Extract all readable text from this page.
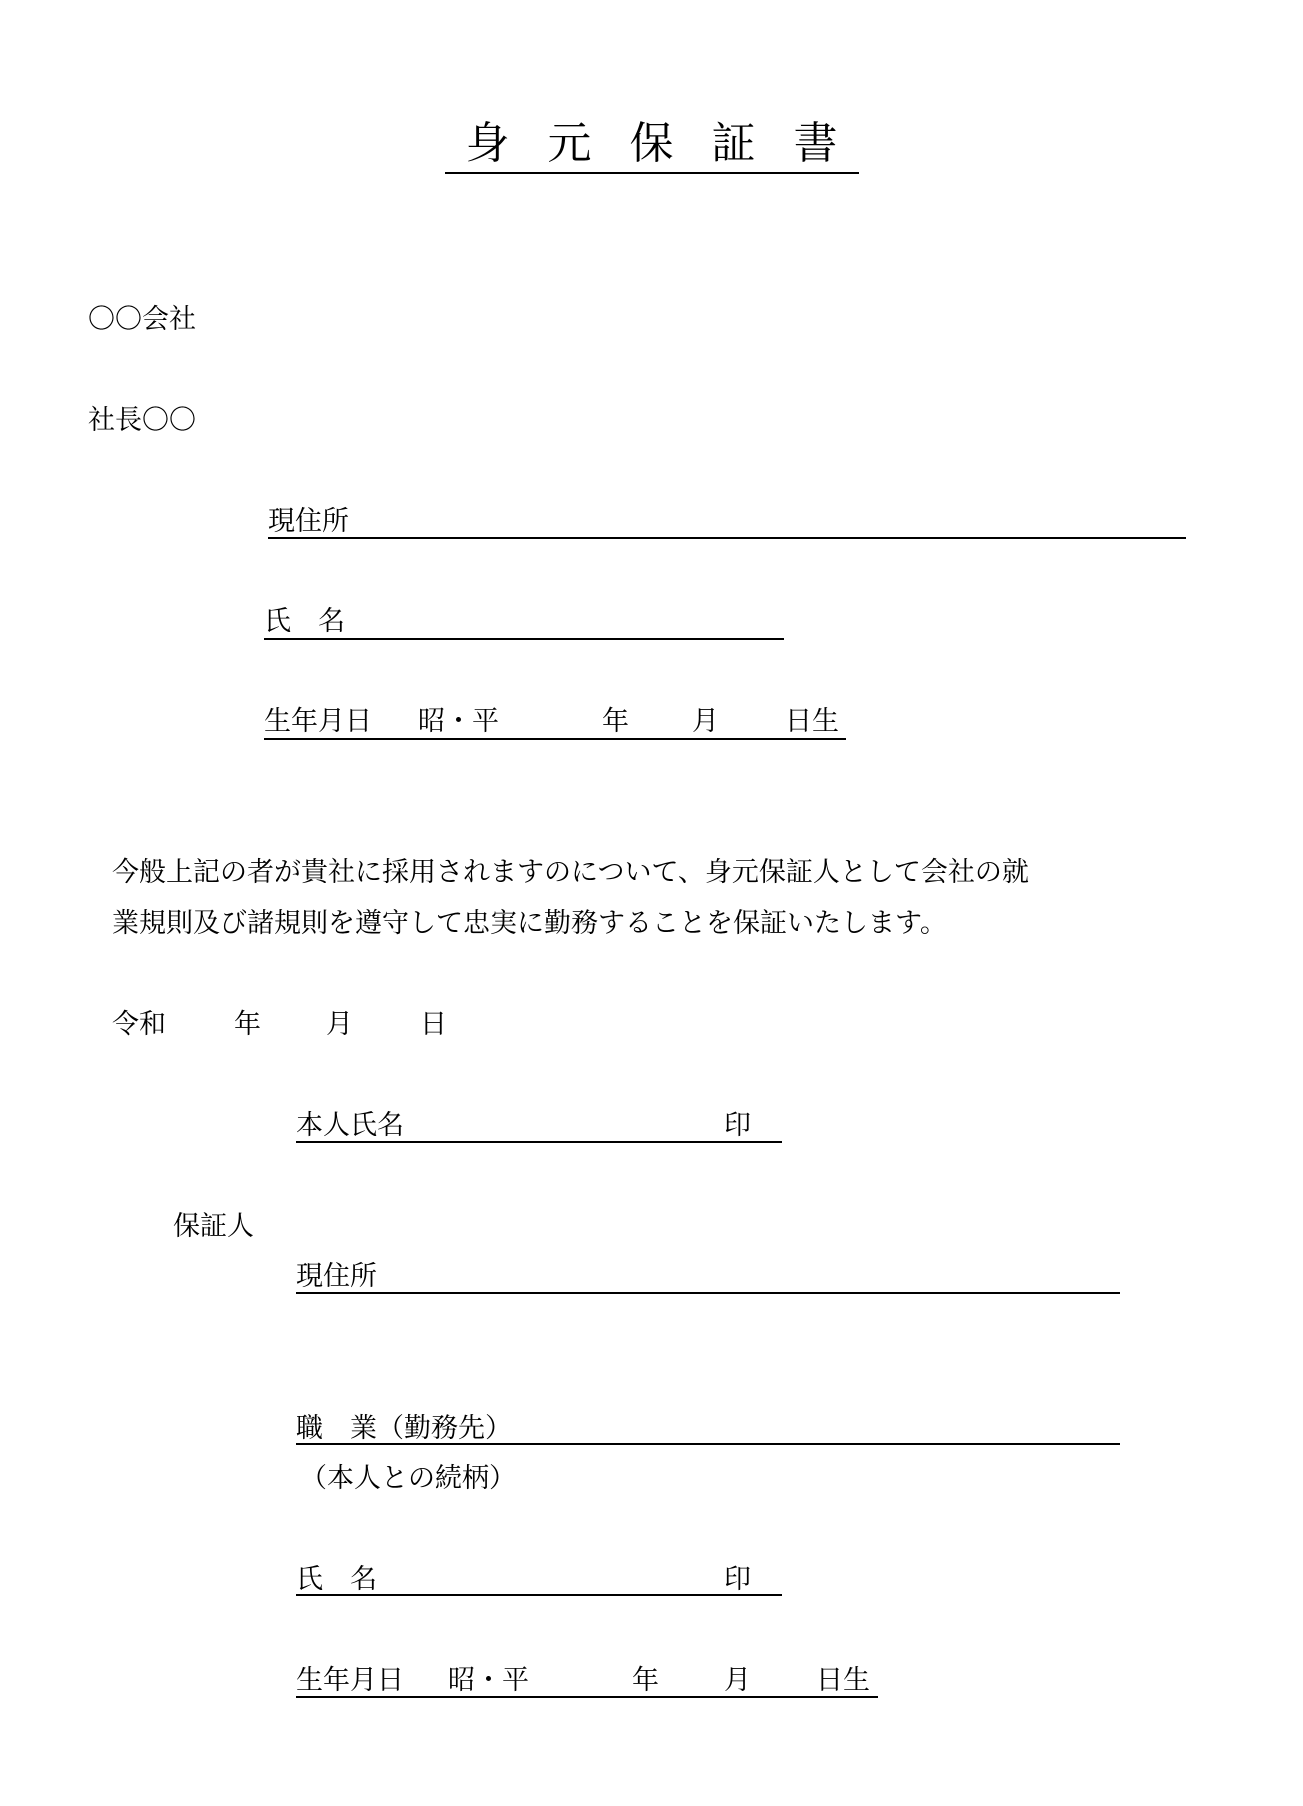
身 元 保 証 書
〇〇会社
社長〇〇
現住所
氏　名
生年月日 昭・平	年 月 日生
今般上記の者が貴社に採用されますのについて、身元保証人として会社の就
業規則及び諸規則を遵守して忠実に勤務することを保証いたします。
令和	年 月 日
本人氏名	印
保証人
現住所
職　業（勤務先）
（本人との続柄）
氏　名	印
生年月日 昭・平	年 月 日生
